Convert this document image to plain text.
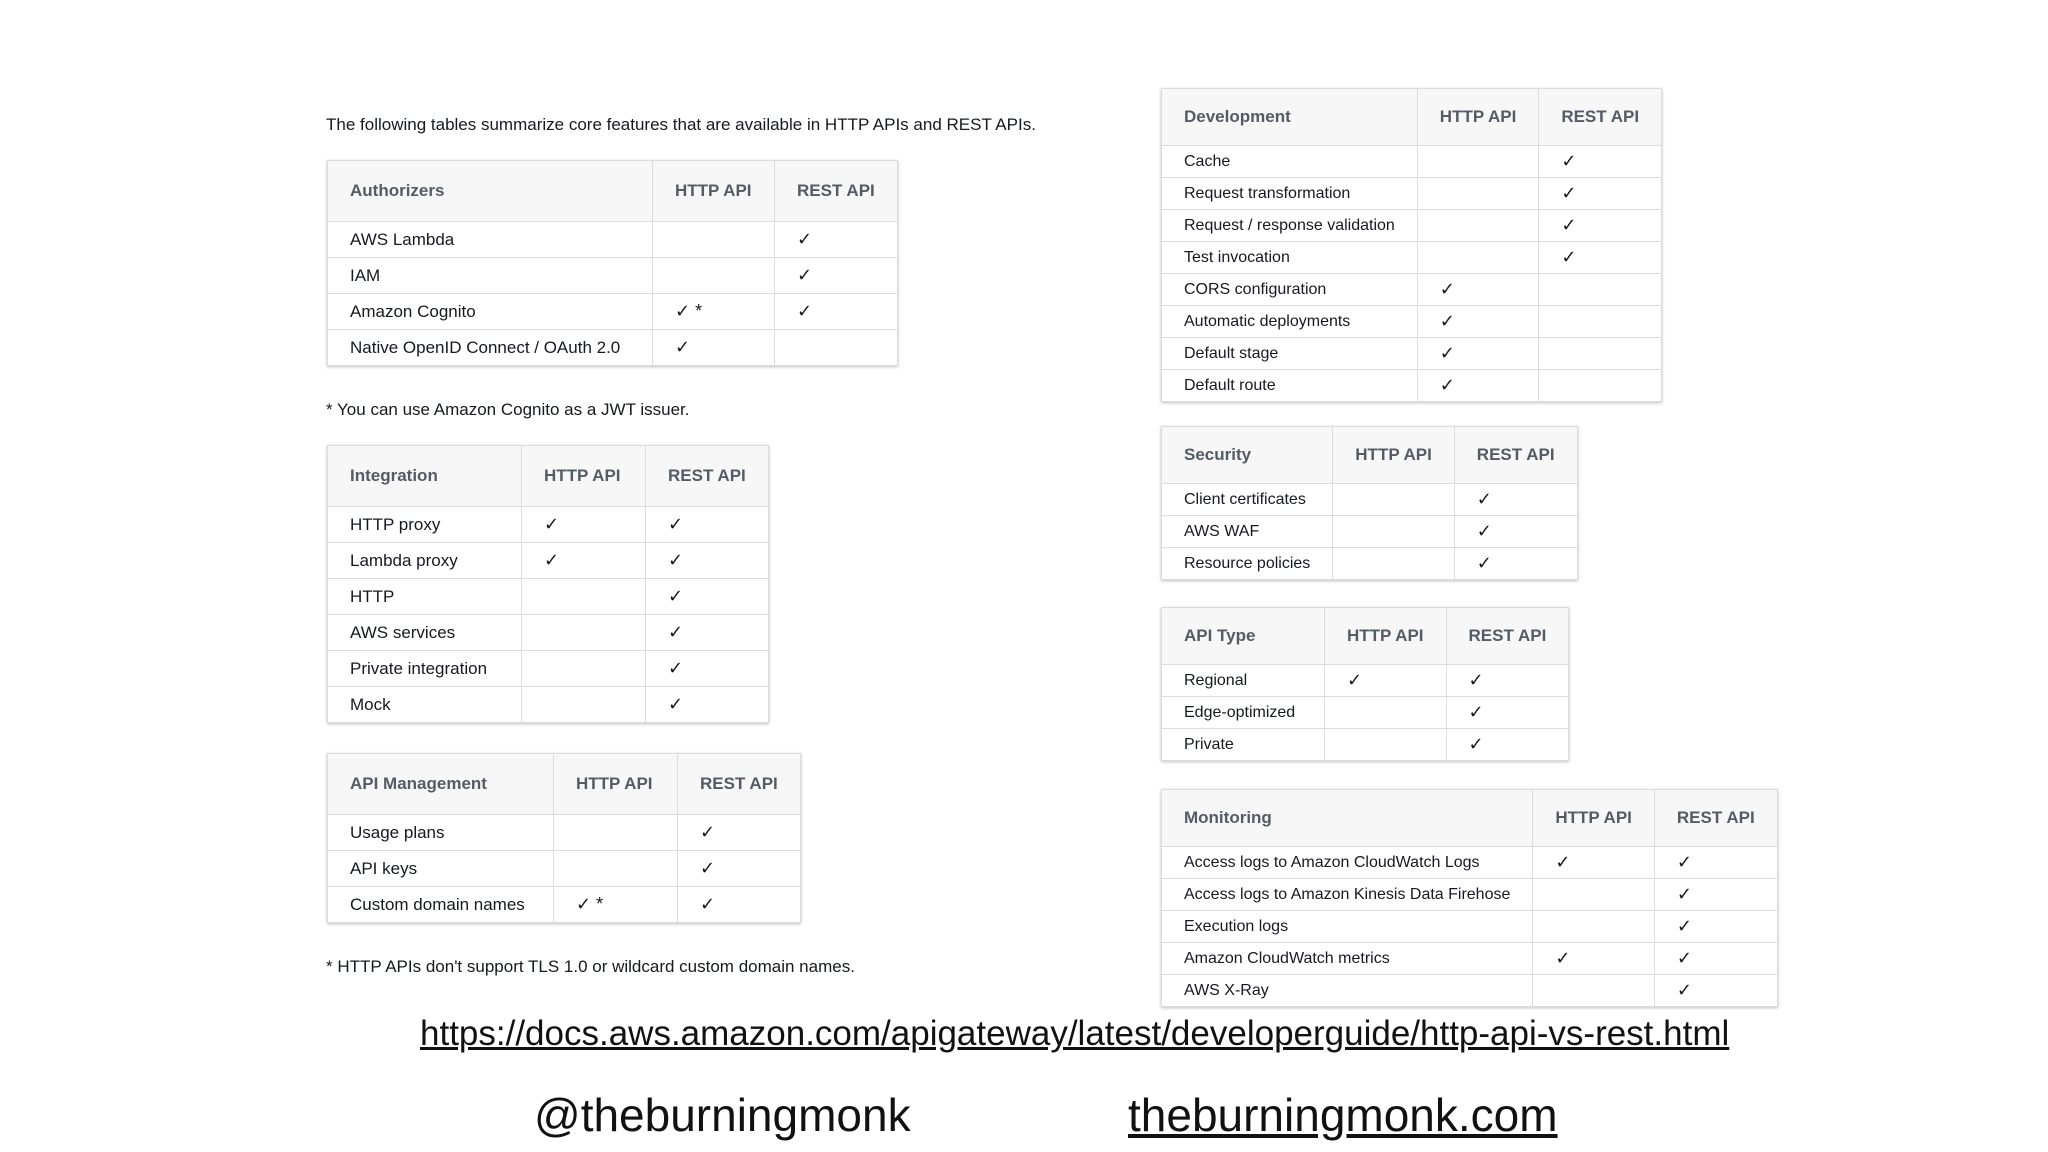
The following tables summarize core features that are available in HTTP APIs and REST APIs.
Authorizers	HTTP API	REST API
AWS Lambda		✓
IAM		✓
Amazon Cognito	✓ *	✓
Native OpenID Connect / OAuth 2.0	✓	
* You can use Amazon Cognito as a JWT issuer.
Integration	HTTP API	REST API
HTTP proxy	✓	✓
Lambda proxy	✓	✓
HTTP		✓
AWS services		✓
Private integration		✓
Mock		✓
API Management	HTTP API	REST API
Usage plans		✓
API keys		✓
Custom domain names	✓ *	✓
* HTTP APIs don't support TLS 1.0 or wildcard custom domain names.
Development	HTTP API	REST API
Cache		✓
Request transformation		✓
Request / response validation		✓
Test invocation		✓
CORS configuration	✓	
Automatic deployments	✓	
Default stage	✓	
Default route	✓	
Security	HTTP API	REST API
Client certificates		✓
AWS WAF		✓
Resource policies		✓
API Type	HTTP API	REST API
Regional	✓	✓
Edge-optimized		✓
Private		✓
Monitoring	HTTP API	REST API
Access logs to Amazon CloudWatch Logs	✓	✓
Access logs to Amazon Kinesis Data Firehose		✓
Execution logs		✓
Amazon CloudWatch metrics	✓	✓
AWS X-Ray		✓
https://docs.aws.amazon.com/apigateway/latest/developerguide/http-api-vs-rest.html
@theburningmonk	theburningmonk.com
